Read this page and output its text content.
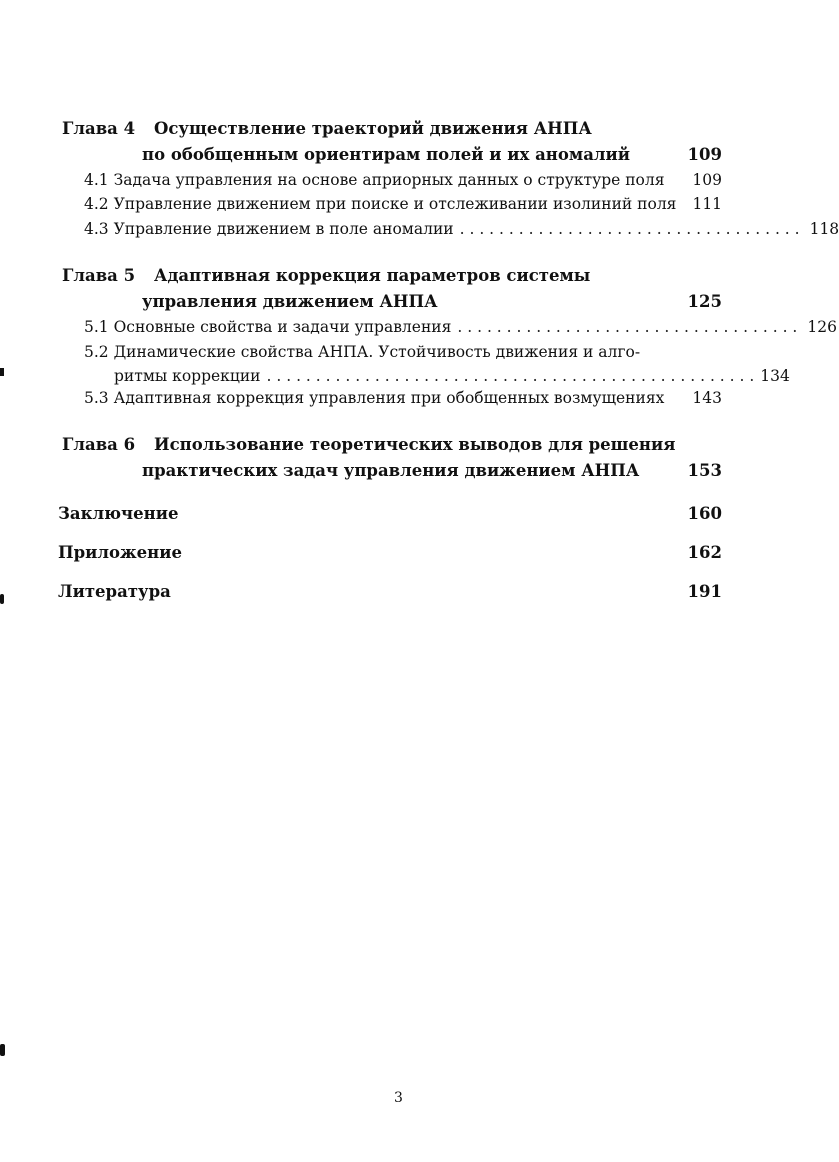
Глава 4 Осуществление траекторий движения АНПА
по обобщенным ориентирам полей и их аномалий	109
4.1 Задача управления на основе априорных данных о структуре поля 109
4.2 Управление движением при поиске и отслеживании изолиний поля 111
4.3 Управление движением в поле аномалии . . . . . . . . . . . . . . . . . . . . . . . . . . . . . . . . . . . 118
Глава 5 Адаптивная коррекция параметров системы
управления движением АНПА	125
5.1 Основные свойства и задачи управления . . . . . . . . . . . . . . . . . . . . . . . . . . . . . . . . . . . 126
5.2 Динамические свойства АНПА. Устойчивость движения и алго-
ритмы коррекции . . . . . . . . . . . . . . . . . . . . . . . . . . . . . . . . . . . . . . . . . . . . . . . . . . 134
5.3 Адаптивная коррекция управления при обобщенных возмущениях 143
Глава 6 Использование теоретических выводов для решения
практических задач управления движением АНПА	153
Заключение	160
Приложение	162
Литература	191
3
